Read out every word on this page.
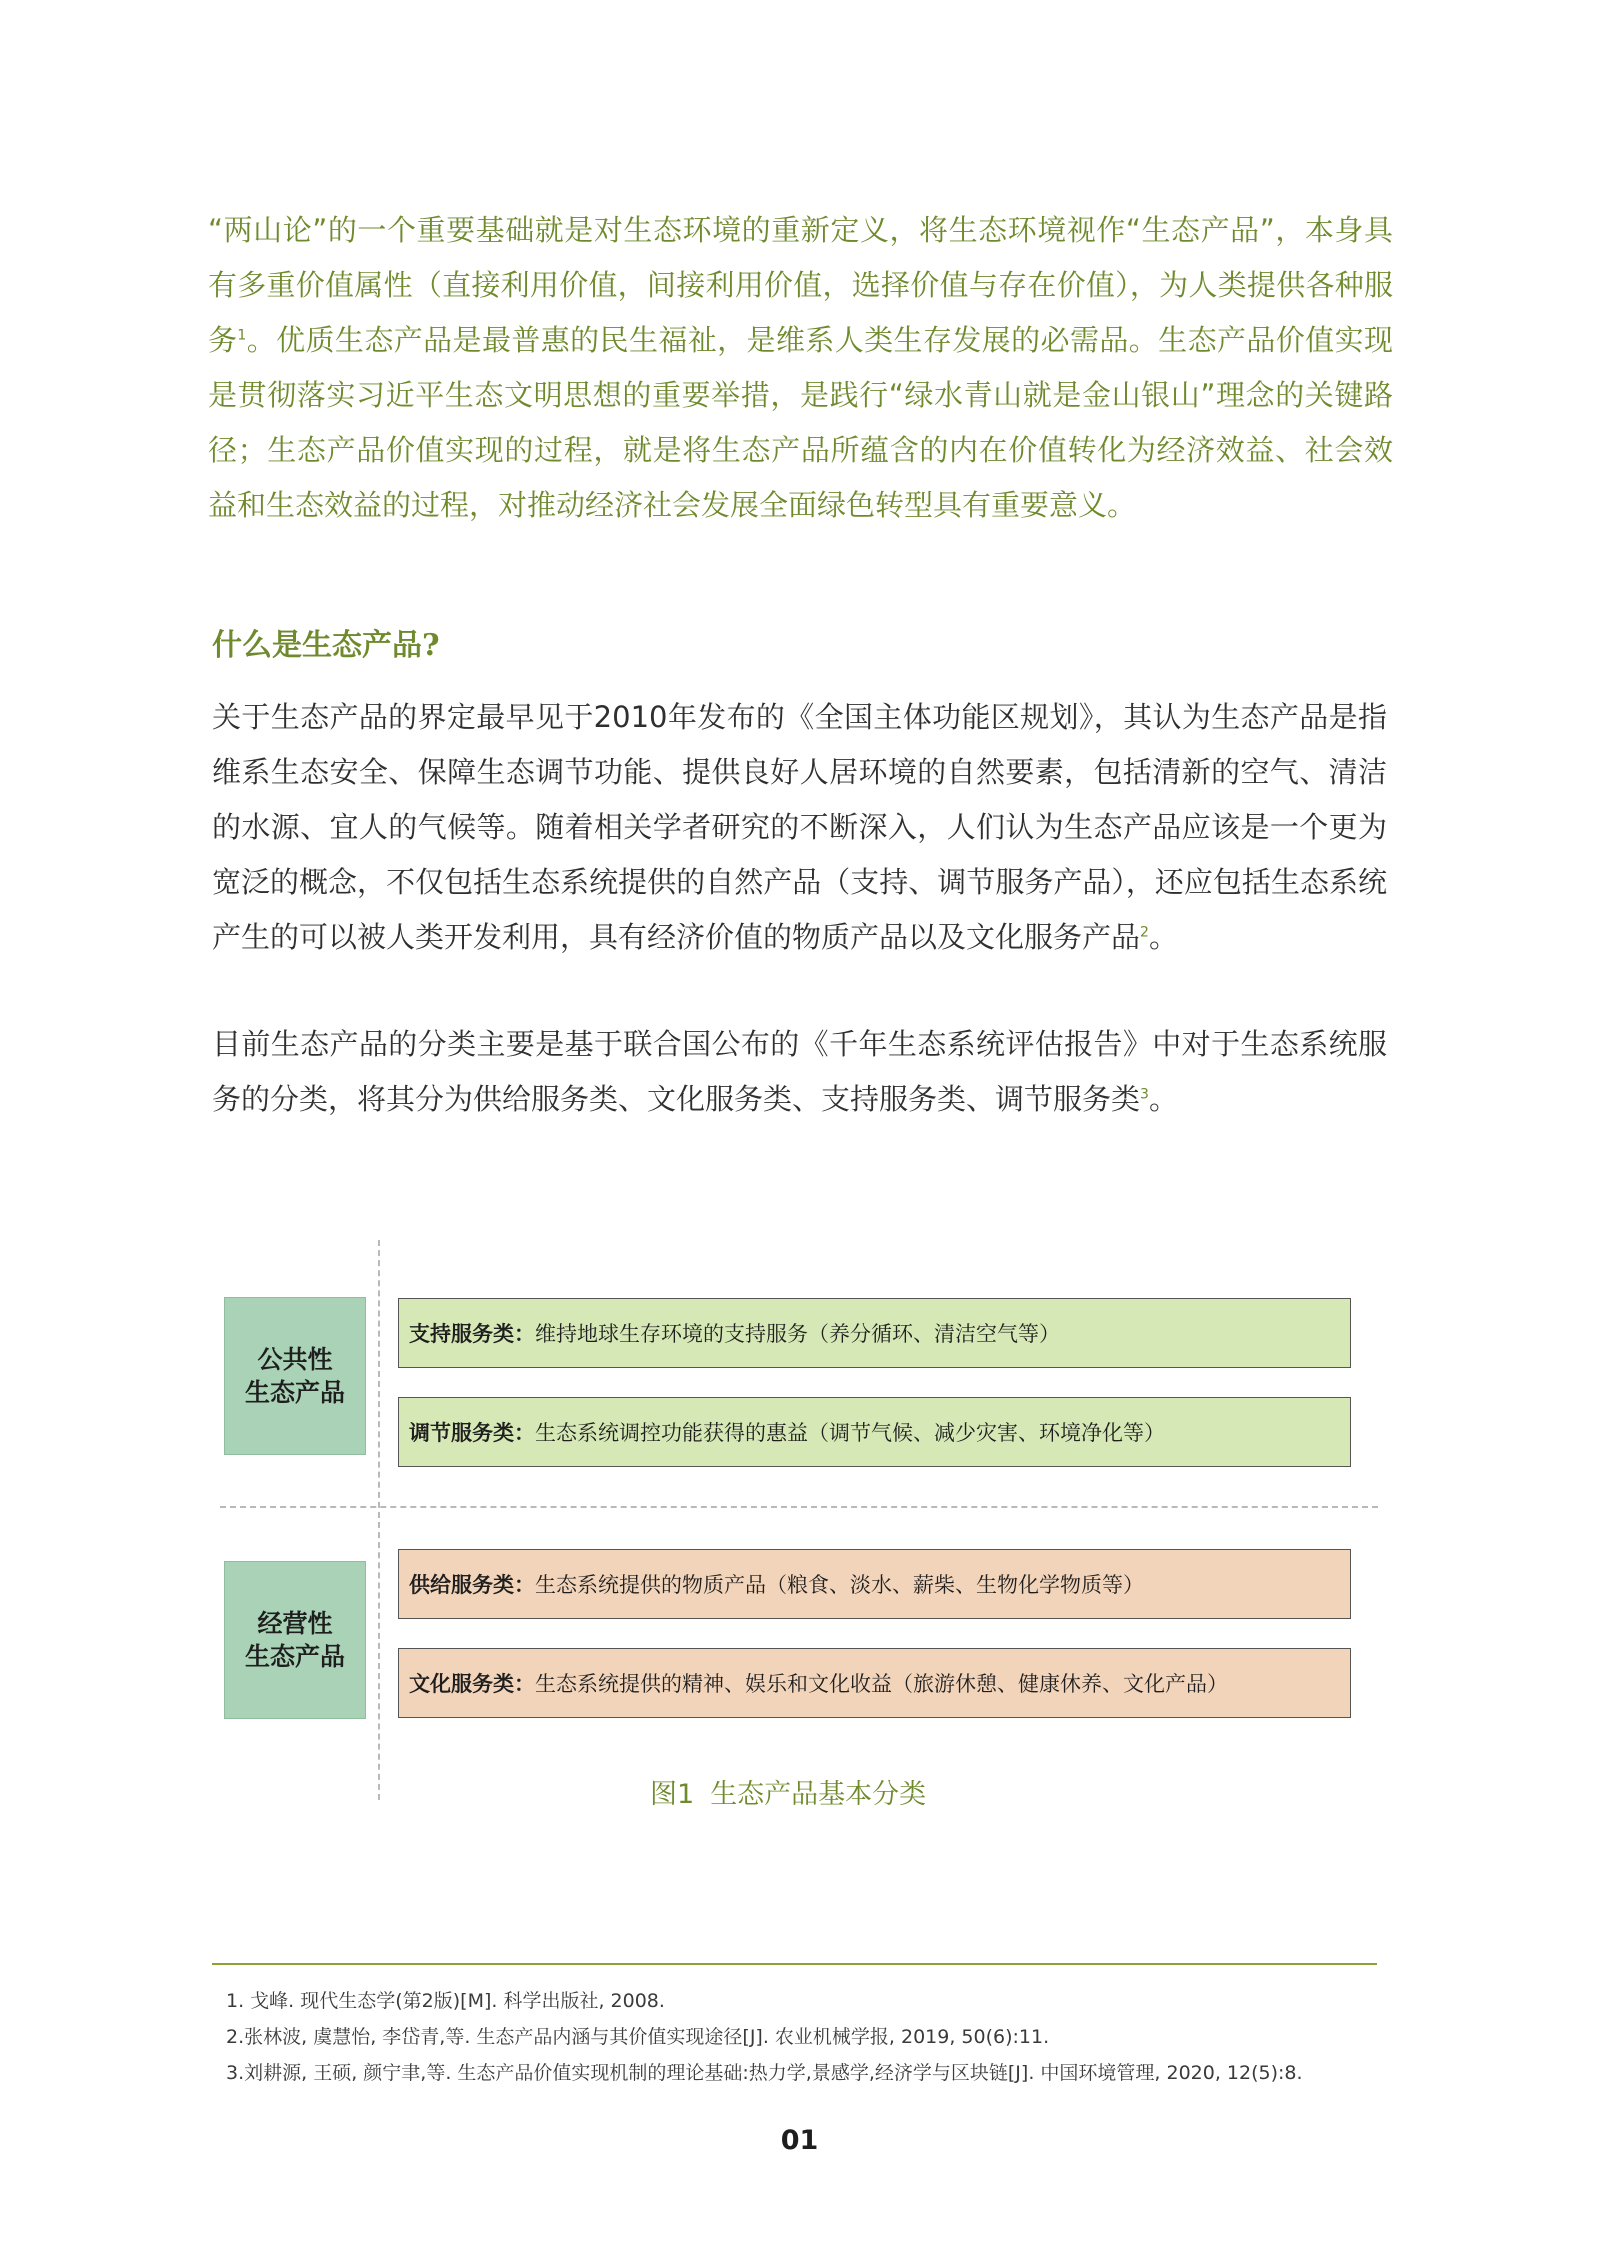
“两山论”的一个重要基础就是对生态环境的重新定义，将生态环境视作“生态产品”，本身具有多重价值属性（直接利用价值，间接利用价值，选择价值与存在价值），为人类提供各种服务$^1$。优质生态产品是最普惠的民生福祉，是维系人类生存发展的必需品。生态产品价值实现是贯彻落实习近平生态文明思想的重要举措，是践行“绿水青山就是金山银山”理念的关键路径；生态产品价值实现的过程，就是将生态产品所蕴含的内在价值转化为经济效益、社会效益和生态效益的过程，对推动经济社会发展全面绿色转型具有重要意义。
什么是生态产品?
关于生态产品的界定最早见于2010年发布的《全国主体功能区规划》，其认为生态产品是指维系生态安全、保障生态调节功能、提供良好人居环境的自然要素，包括清新的空气、清洁的水源、宜人的气候等。随着相关学者研究的不断深入，人们认为生态产品应该是一个更为宽泛的概念，不仅包括生态系统提供的自然产品（支持、调节服务产品），还应包括生态系统产生的可以被人类开发利用，具有经济价值的物质产品以及文化服务产品$^2$。
目前生态产品的分类主要是基于联合国公布的《千年生态系统评估报告》中对于生态系统服务的分类，将其分为供给服务类、文化服务类、支持服务类、调节服务类$^3$。
公共性
生态产品
经营性
生态产品
支持服务类： 维持地球生存环境的支持服务（养分循环、清洁空气等）
调节服务类： 生态系统调控功能获得的惠益（调节气候、减少灾害、环境净化等）
供给服务类： 生态系统提供的物质产品（粮食、淡水、薪柴、生物化学物质等）
文化服务类： 生态系统提供的精神、娱乐和文化收益（旅游休憩、健康休养、文化产品）
图1 生态产品基本分类
1. 戈峰. 现代生态学(第2版)[M]. 科学出版社, 2008.
2.张林波, 虞慧怡, 李岱青,等. 生态产品内涵与其价值实现途径[J]. 农业机械学报, 2019, 50(6):11.
3.刘耕源, 王硕, 颜宁聿,等. 生态产品价值实现机制的理论基础:热力学,景感学,经济学与区块链[J]. 中国环境管理, 2020, 12(5):8.
01
